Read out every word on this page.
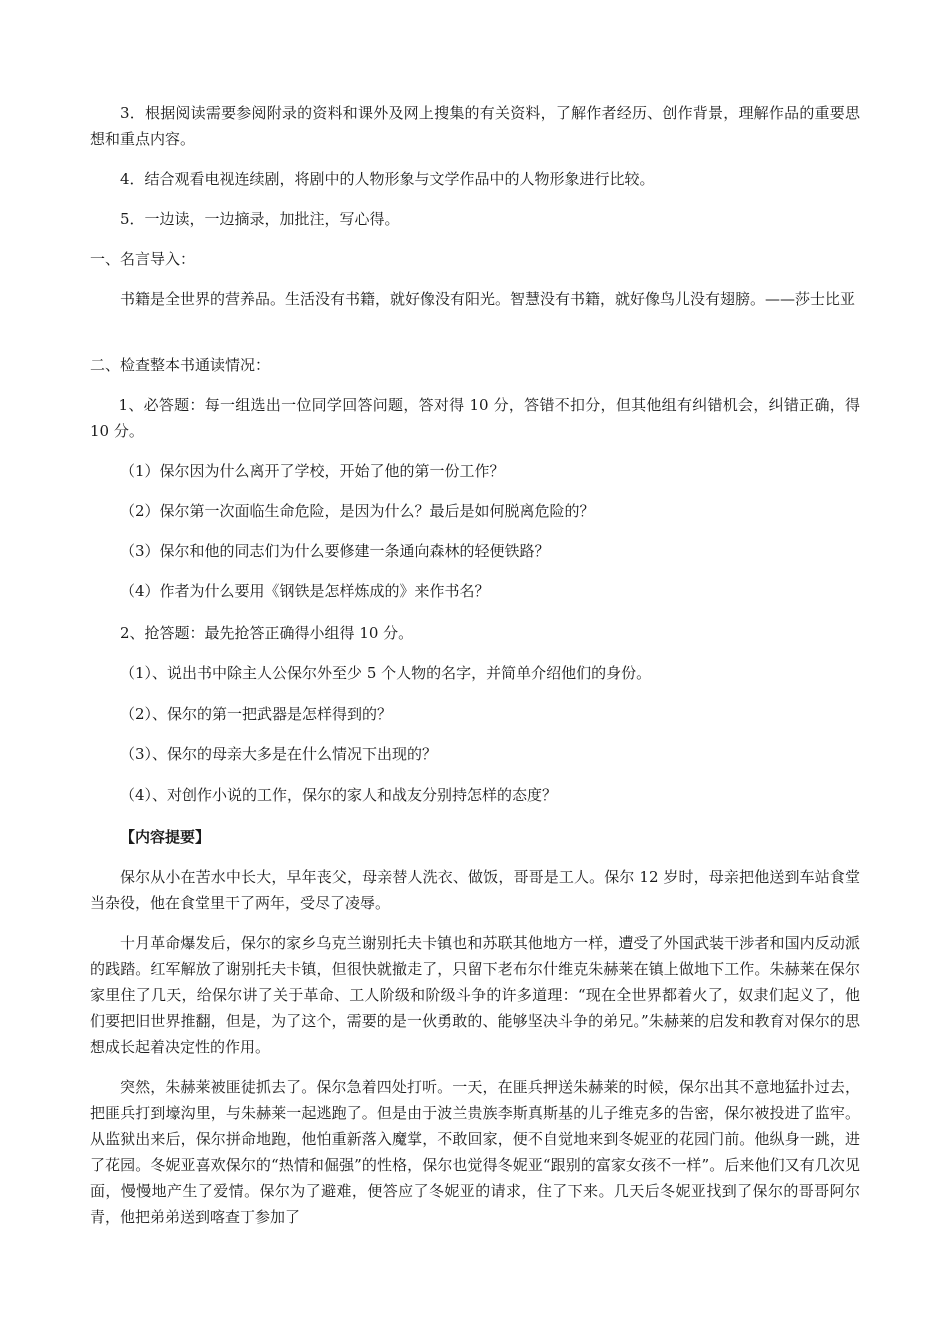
3．根据阅读需要参阅附录的资料和课外及网上搜集的有关资料，了解作者经历、创作背景，理解作品的重要思想和重点内容。

4．结合观看电视连续剧，将剧中的人物形象与文学作品中的人物形象进行比较。

5．一边读，一边摘录，加批注，写心得。

一、名言导入：

书籍是全世界的营养品。生活没有书籍，就好像没有阳光。智慧没有书籍，就好像鸟儿没有翅膀。——莎士比亚

二、检查整本书通读情况：

1、必答题：每一组选出一位同学回答问题，答对得 10 分，答错不扣分，但其他组有纠错机会，纠错正确，得 10 分。

（1）保尔因为什么离开了学校，开始了他的第一份工作？

（2）保尔第一次面临生命危险，是因为什么？最后是如何脱离危险的？

（3）保尔和他的同志们为什么要修建一条通向森林的轻便铁路？

（4）作者为什么要用《钢铁是怎样炼成的》来作书名？

2、抢答题：最先抢答正确得小组得 10 分。

（1）、说出书中除主人公保尔外至少 5 个人物的名字，并简单介绍他们的身份。

（2）、保尔的第一把武器是怎样得到的？

（3）、保尔的母亲大多是在什么情况下出现的？

（4）、对创作小说的工作，保尔的家人和战友分别持怎样的态度？

【内容提要】

保尔从小在苦水中长大，早年丧父，母亲替人洗衣、做饭，哥哥是工人。保尔 12 岁时，母亲把他送到车站食堂当杂役，他在食堂里干了两年，受尽了凌辱。

十月革命爆发后，保尔的家乡乌克兰谢别托夫卡镇也和苏联其他地方一样，遭受了外国武装干涉者和国内反动派的践踏。红军解放了谢别托夫卡镇，但很快就撤走了，只留下老布尔什维克朱赫莱在镇上做地下工作。朱赫莱在保尔家里住了几天，给保尔讲了关于革命、工人阶级和阶级斗争的许多道理：“现在全世界都着火了，奴隶们起义了，他们要把旧世界推翻，但是，为了这个，需要的是一伙勇敢的、能够坚决斗争的弟兄。”朱赫莱的启发和教育对保尔的思想成长起着决定性的作用。

突然，朱赫莱被匪徒抓去了。保尔急着四处打听。一天，在匪兵押送朱赫莱的时候，保尔出其不意地猛扑过去，把匪兵打到壕沟里，与朱赫莱一起逃跑了。但是由于波兰贵族李斯真斯基的儿子维克多的告密，保尔被投进了监牢。从监狱出来后，保尔拼命地跑，他怕重新落入魔掌，不敢回家，便不自觉地来到冬妮亚的花园门前。他纵身一跳，进了花园。冬妮亚喜欢保尔的“热情和倔强”的性格，保尔也觉得冬妮亚“跟别的富家女孩不一样”。后来他们又有几次见面，慢慢地产生了爱情。保尔为了避难，便答应了冬妮亚的请求，住了下来。几天后冬妮亚找到了保尔的哥哥阿尔青，他把弟弟送到喀查丁参加了
